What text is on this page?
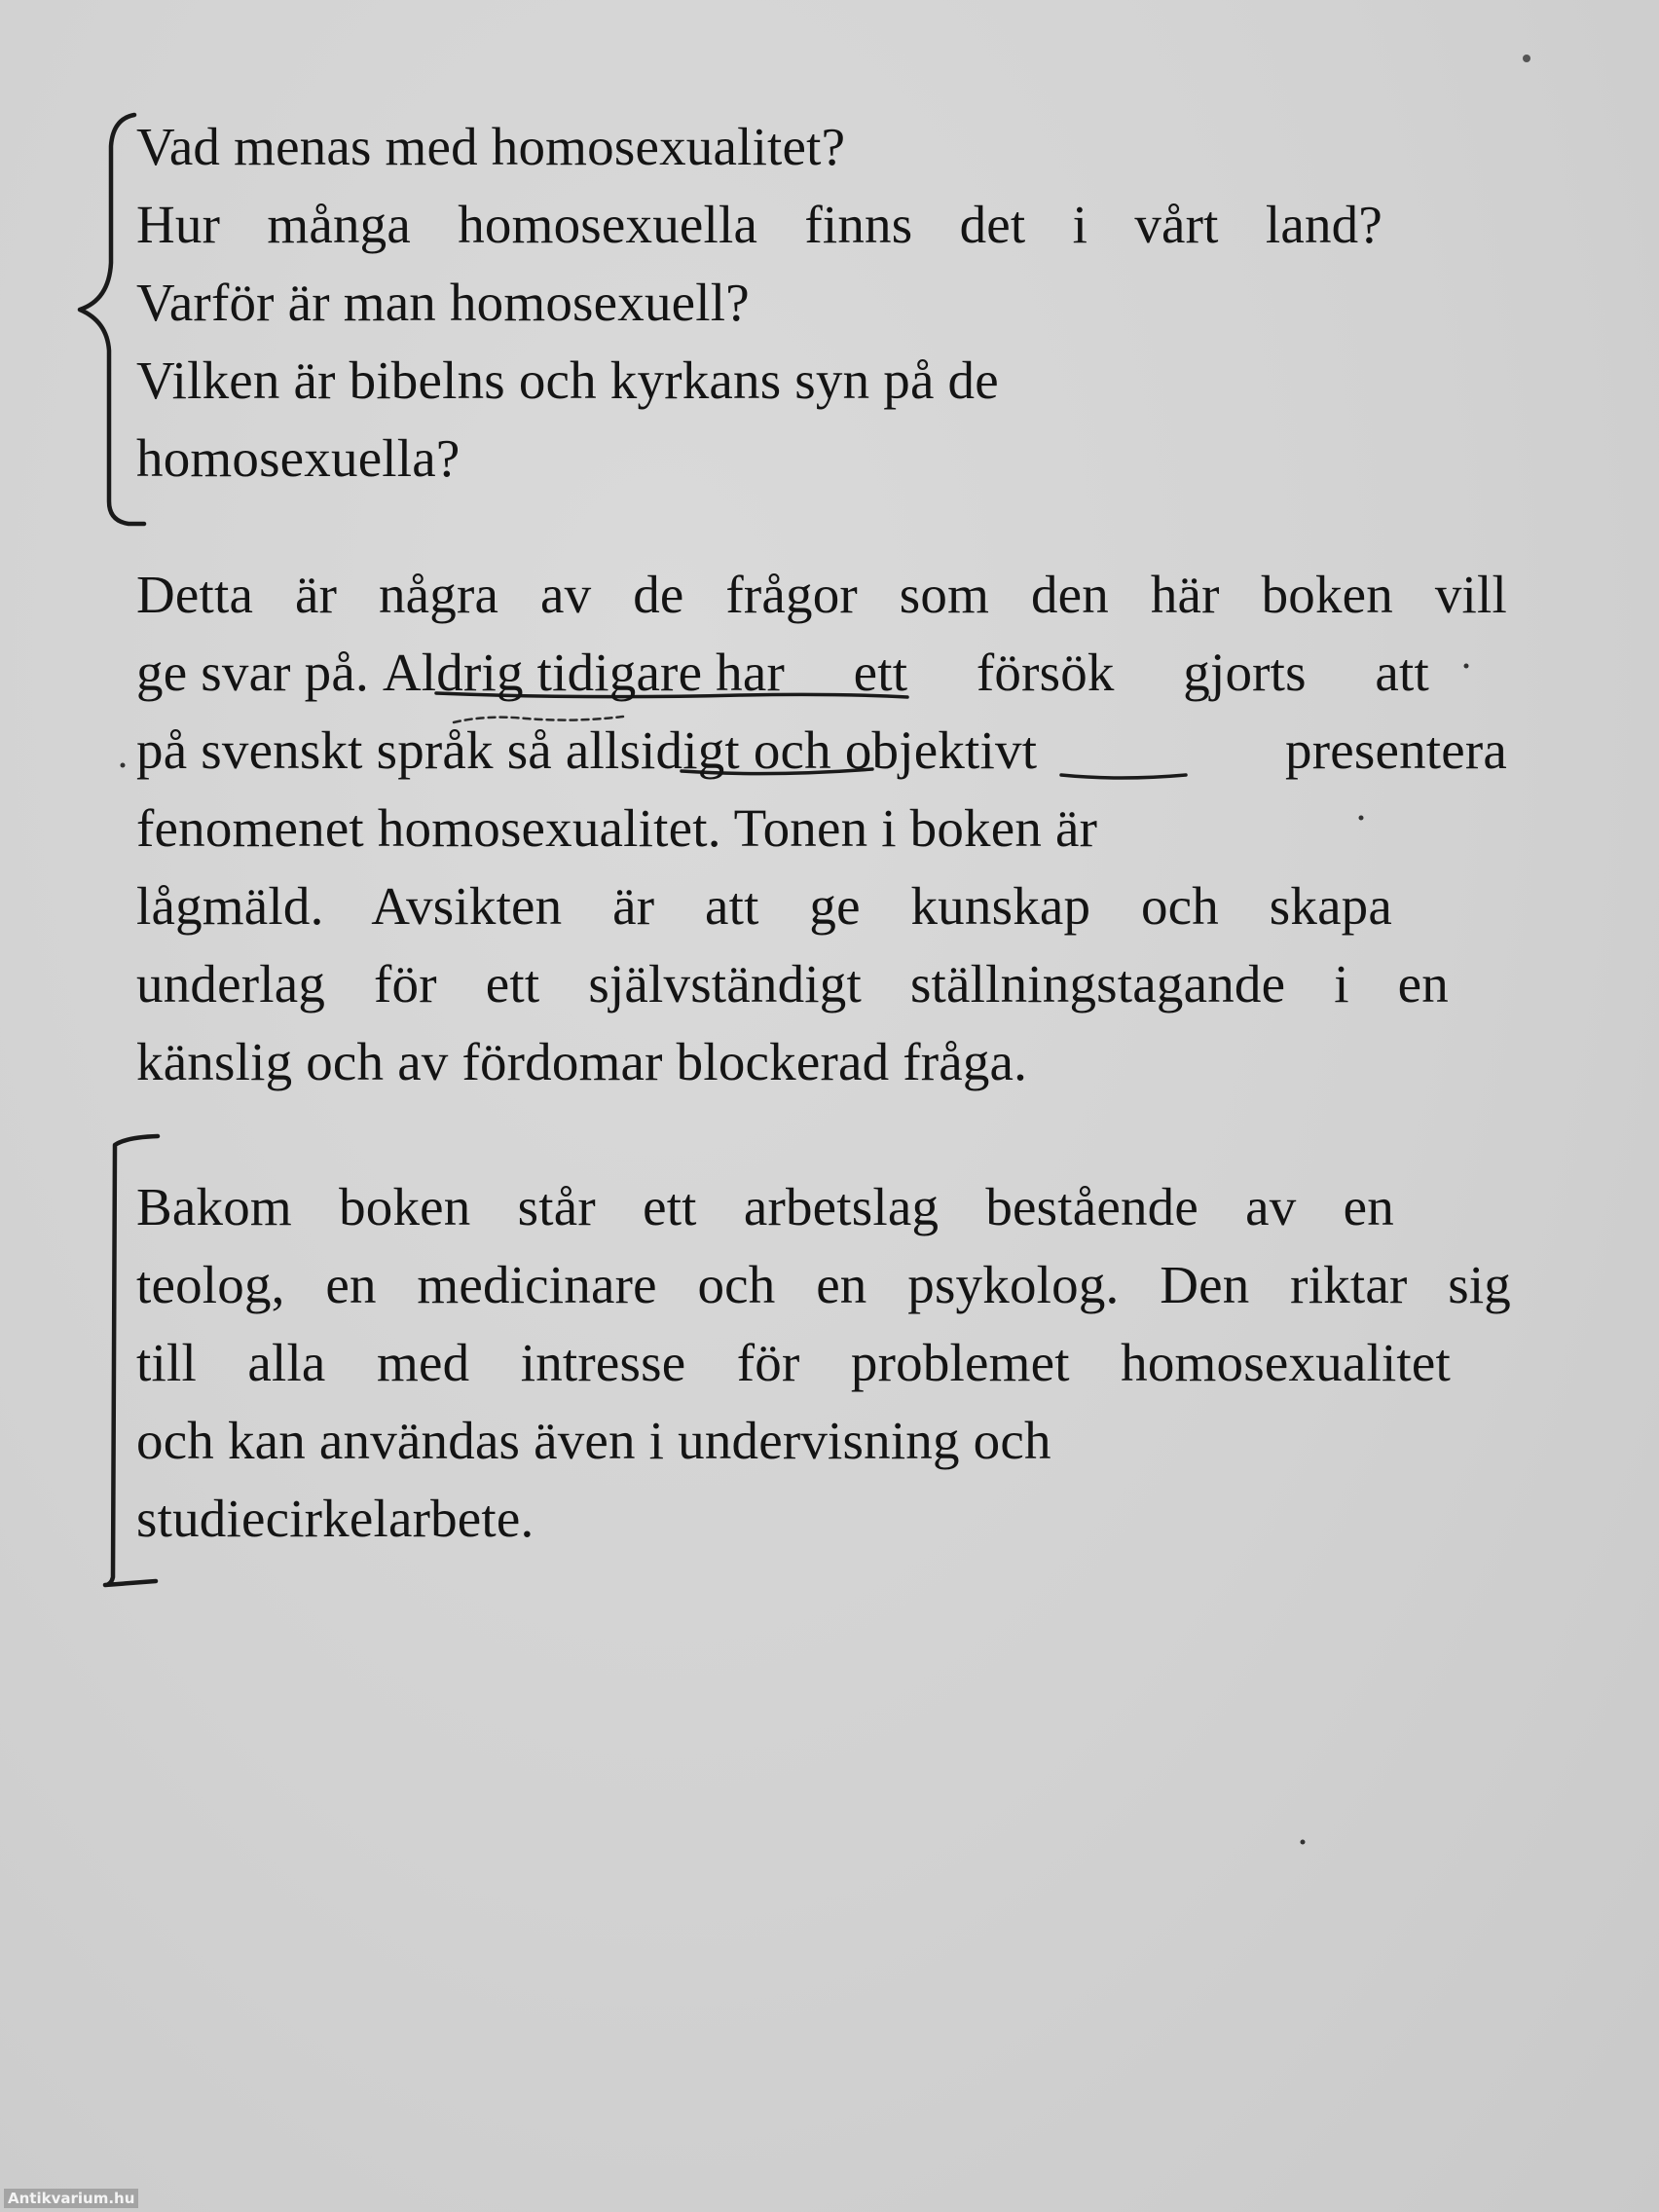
Vad menas med homosexualitet?
Hur många homosexuella finns det i vårt land?
Varför är man homosexuell?
Vilken är bibelns och kyrkans syn på de
homosexuella?
Detta är några av de frågor som den här boken vill
ge svar på. Aldrig tidigare har ett försök gjorts att
på svenskt språk så a llsidigt och obj ektiv t presentera
fenomenet homosexualitet. Tonen i boken är
lågmäld. Avsikten är att ge kunskap och skapa
underlag för ett självständigt ställningstagande i en
känslig och av fördomar blockerad fråga.
Bakom boken står ett arbetslag bestående av en
teolog, en medicinare och en psykolog. Den riktar sig
till alla med intresse för problemet homosexualitet
och kan användas även i undervisning och
studiecirkelarbete.
Antikvarium.hu
